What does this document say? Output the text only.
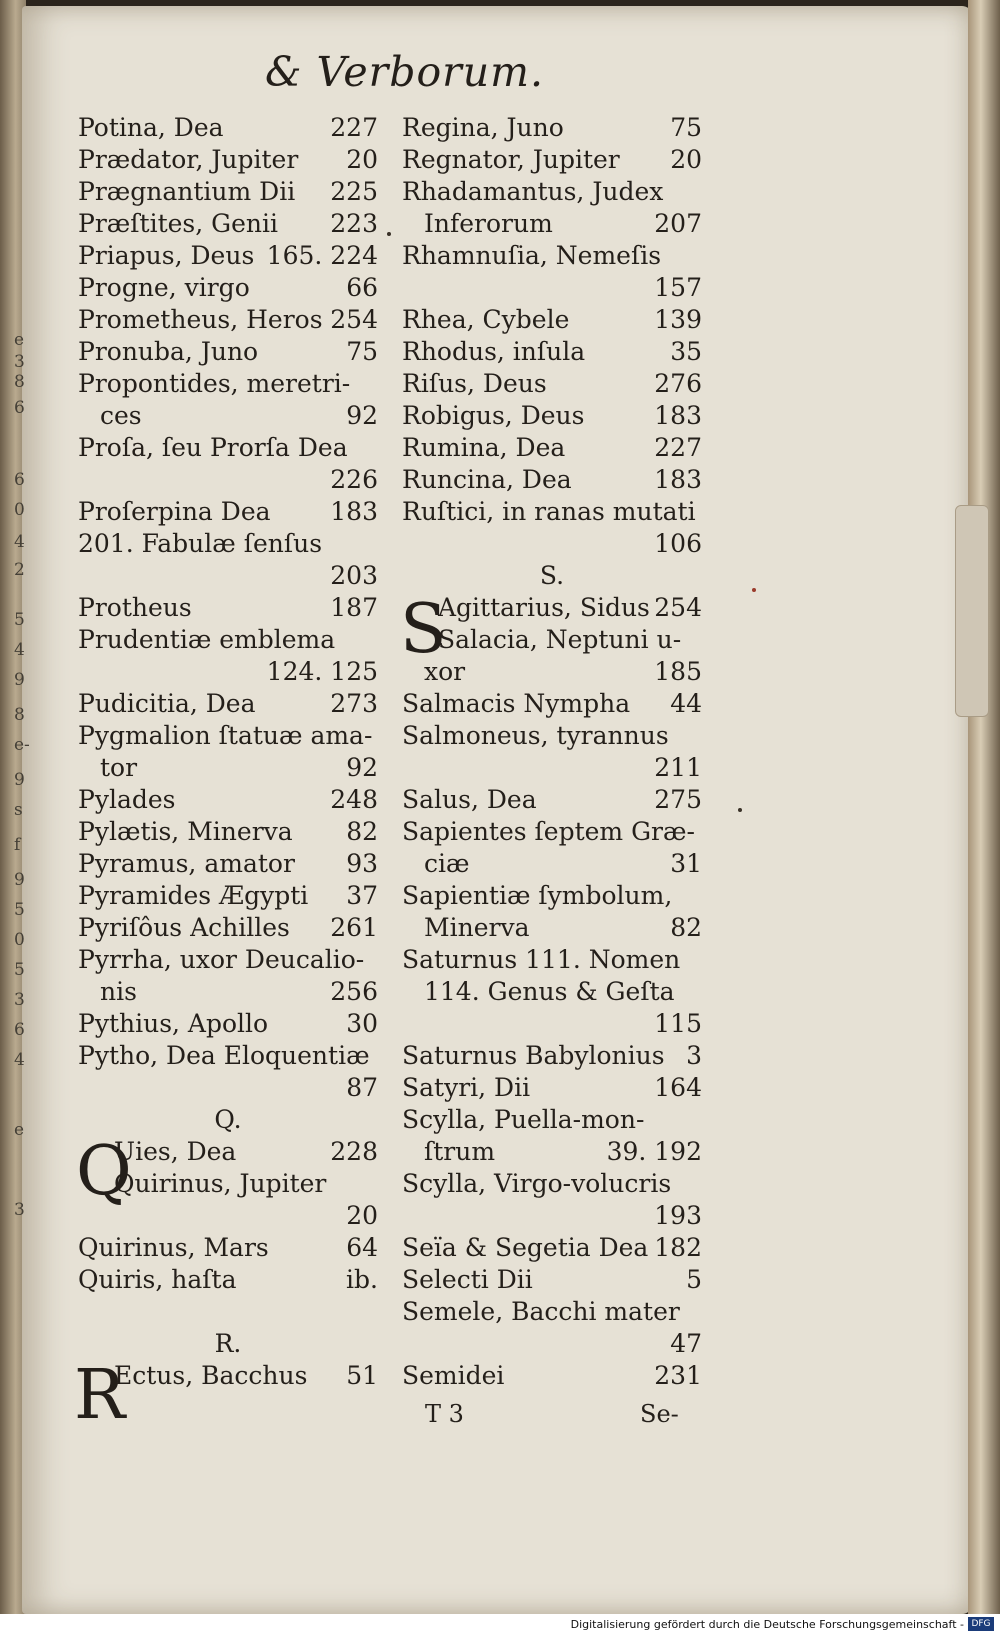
e
3
8
6
6
0
4
2
5
4
9
8
e-
9
s
f
9
5
0
5
3
6
4
e
3
& Verborum.
Potina, Dea	227
Prædator, Jupiter 20
Prægnantium Dii 225
Præſtites, Genii 223
Priapus, Deus 165. 224
Progne, virgo	66
Prometheus, Heros 254
Pronuba, Juno	75
Propontides, meretri-
ces	92
Proſa, ſeu Prorſa Dea
226
Proſerpina Dea 183
201. Fabulæ ſenſus
203
Protheus	187
Prudentiæ emblema
124. 125
Pudicitia, Dea	273
Pygmalion ſtatuæ ama-
tor	92
Pylades	248
Pylætis, Minerva 82
Pyramus, amator 93
Pyramides Ægypti 37
Pyriſôus Achilles 261
Pyrrha, uxor Deucalio-
nis	256
Pythius, Apollo	30
Pytho, Dea Eloquentiæ
87
Q.
Uies, Dea	228
Quirinus, Jupiter
20
Quirinus, Mars	64
Quiris, haſta	ib.
R.
Ectus, Bacchus 51
Regina, Juno	75
Regnator, Jupiter 20
Rhadamantus, Judex
Inferorum	207
Rhamnuſia, Nemeſis
157
Rhea, Cybele	139
Rhodus, inſula	35
Riſus, Deus	276
Robigus, Deus	183
Rumina, Dea	227
Runcina, Dea	183
Ruſtici, in ranas mutati
106
S.
Agittarius, Sidus 254
Salacia, Neptuni u-
xor	185
Salmacis Nympha 44
Salmoneus, tyrannus
211
Salus, Dea	275
Sapientes ſeptem Græ-
ciæ	31
Sapientiæ ſymbolum,
Minerva	82
Saturnus 111. Nomen
114. Genus & Geſta
115
Saturnus Babylonius 3
Satyri, Dii	164
Scylla, Puella-mon-
ſtrum	39. 192
Scylla, Virgo-volucris
193
Seïa & Segetia Dea 182
Selecti Dii	5
Semele, Bacchi mater
47
Semidei	231
Q
R
S
T 3	Se-
Digitalisierung gefördert durch die Deutsche Forschungsgemeinschaft - DFG
